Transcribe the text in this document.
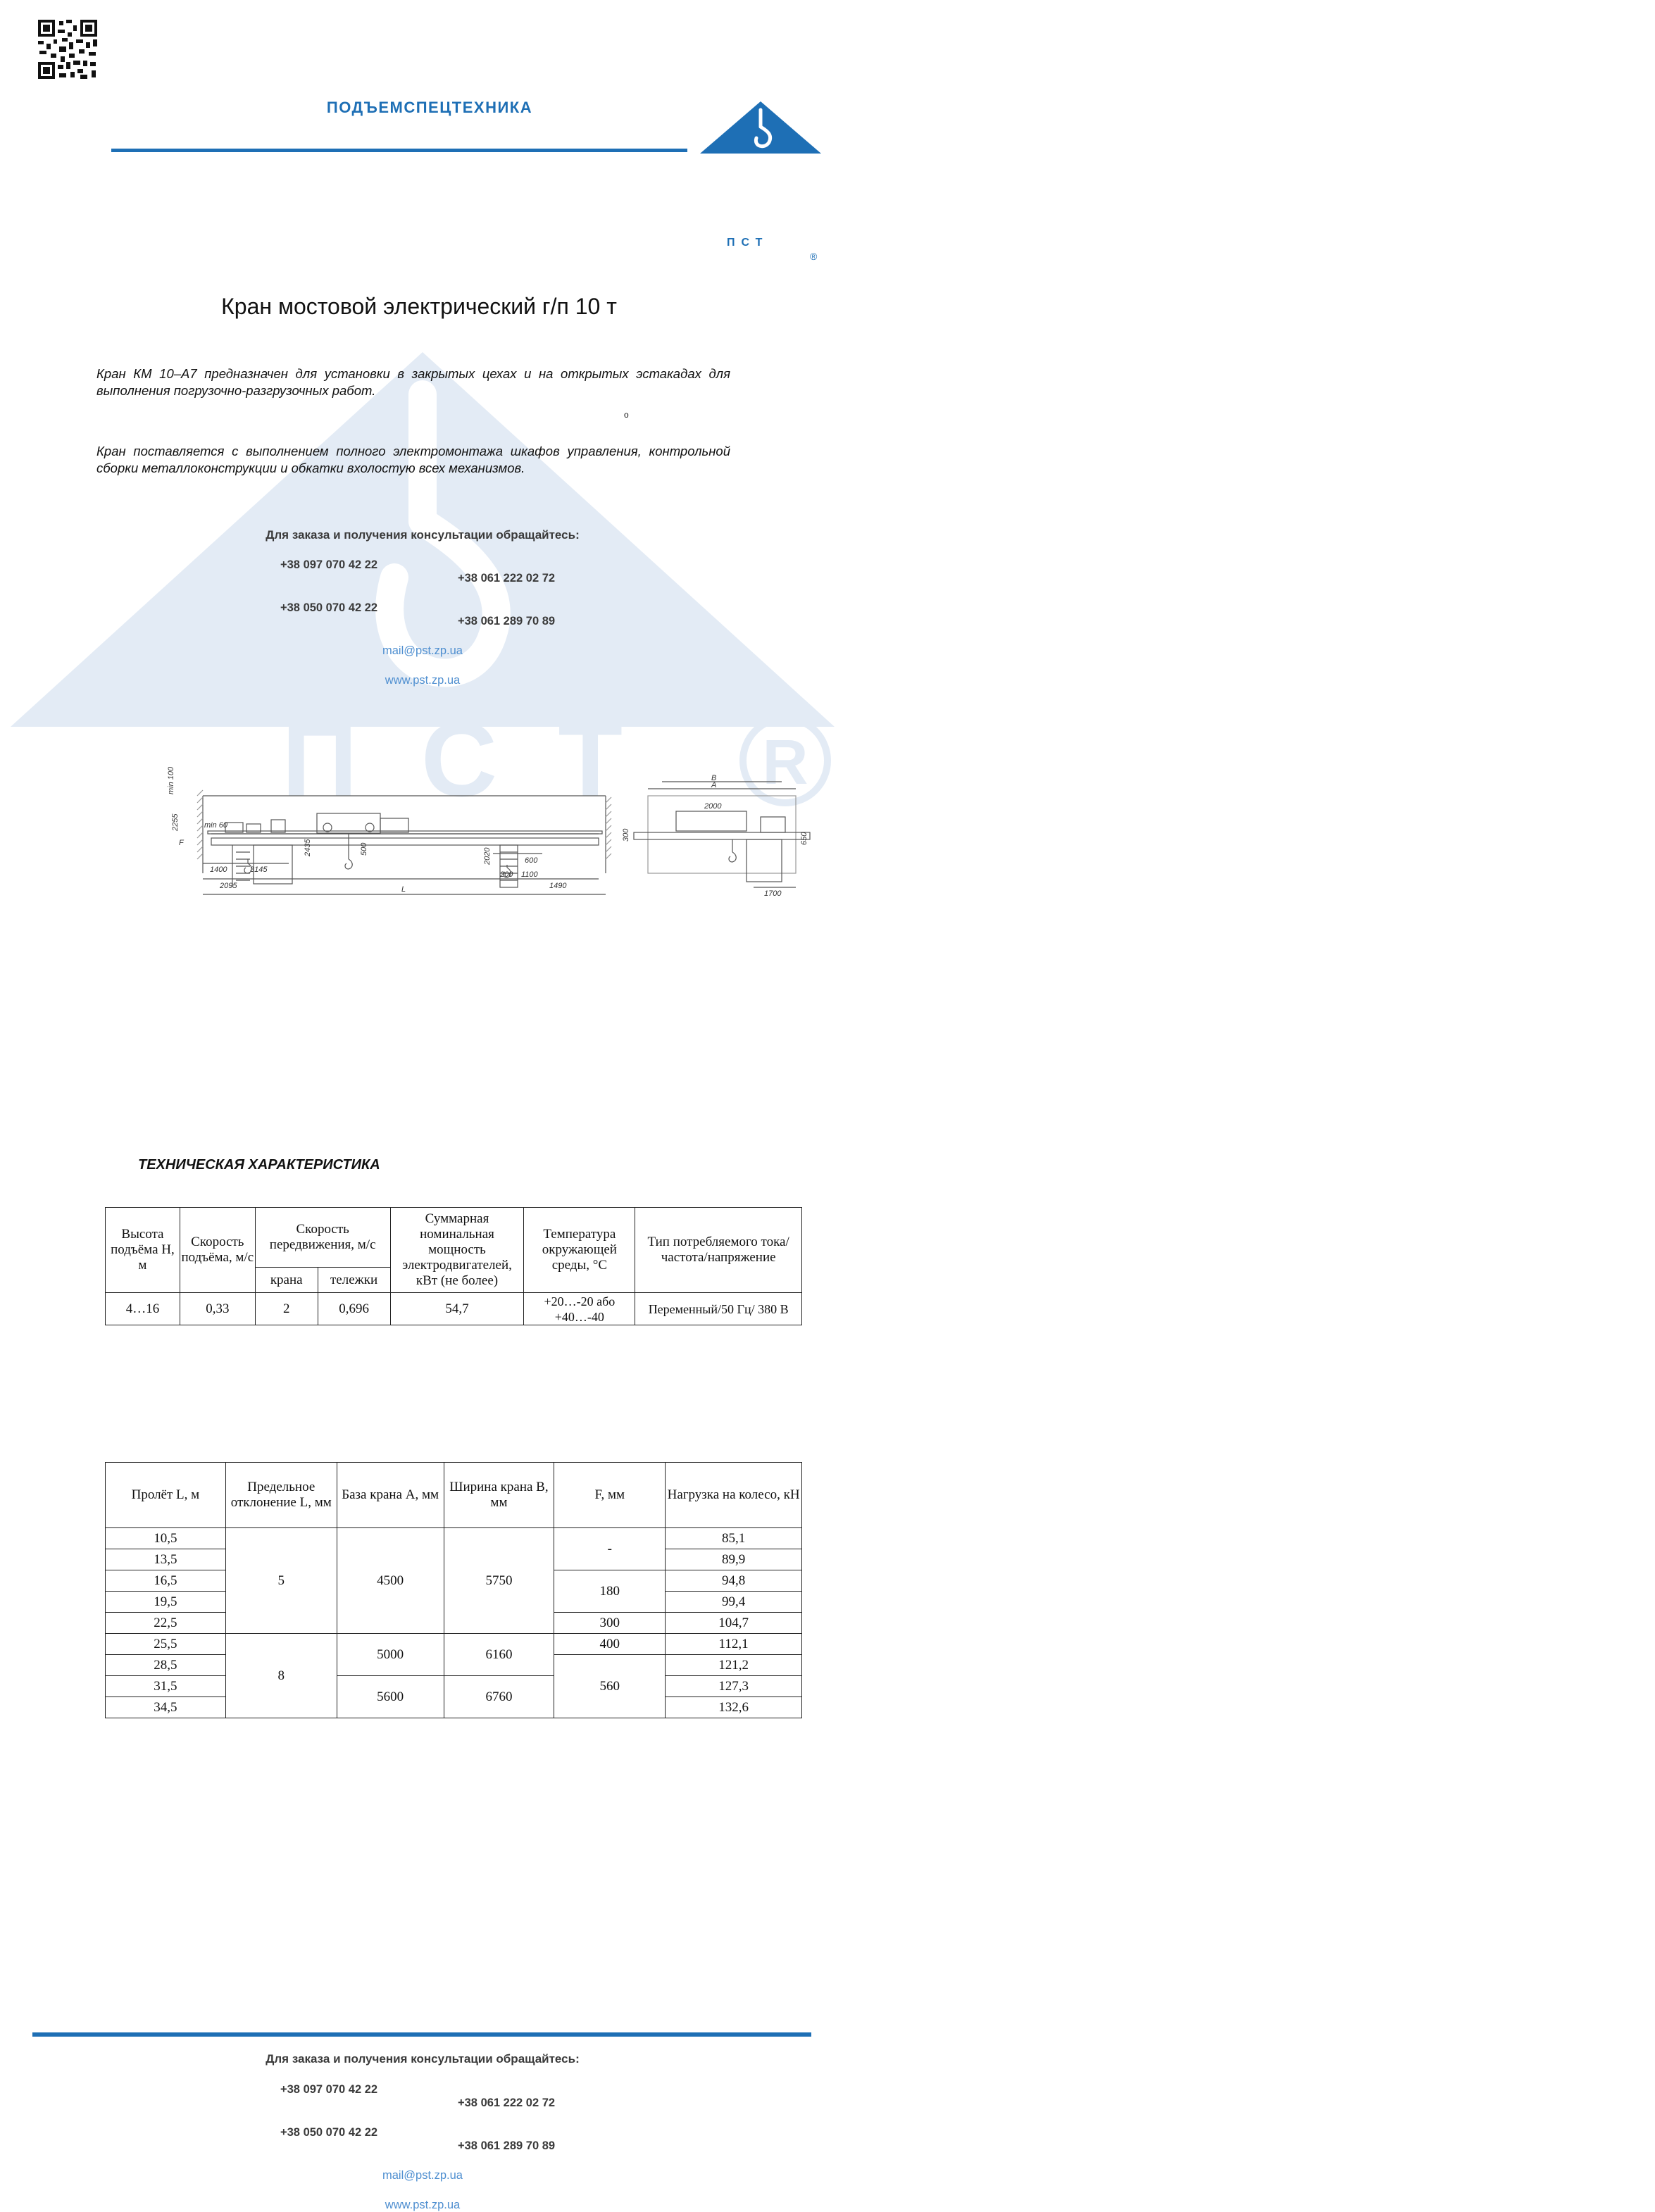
ПСТ R
ПОДЪЕМСПЕЦТЕХНИКА
ПСТ
®
Кран мостовой электрический г/п 10 т
Кран КМ 10–А7 предназначен для установки в закрытых цехах и на открытых эстакадах для выполнения погрузочно-разгрузочных работ.
o
Кран поставляется с выполнением полного электромонтажа шкафов управления, контрольной сборки металлоконструкции и обкатки вхолостую всех механизмов.
Для заказа и получения консультации обращайтесь:
+38 097 070 42 22
+38 061 222 02 72
+38 050 070 42 22
+38 061 289 70 89
mail@pst.zp.ua
www.pst.zp.ua
min 100
2255	min 60
F
1400	3145
2095
2435	500
L
2020	600
200 1100
1490
B
A
2000
300	650
1700
ТЕХНИЧЕСКАЯ ХАРАКТЕРИСТИКА
Высота подъёма Н, м	Скорость подъёма, м/с	Скорость передвижения, м/с		Суммарная номинальная мощность электродвигателей, кВт (не более)	Температура окружающей среды, °С	Тип потребляемого тока/частота/напряжение
		крана	тележки			
4…16	0,33	2	0,696	54,7	+20…-20 або +40…-40	Переменный/50 Гц/ 380 В
Пролёт L, м	Предельное отклонение L, мм	База крана А, мм	Ширина крана В, мм	F, мм	Нагрузка на колесо, кН
10,5	5	4500	5750	-	85,1
13,5					89,9
16,5				180	94,8
19,5					99,4
22,5				300	104,7
25,5	8	5000	6160	400	112,1
28,5				560	121,2
31,5		5600	6760		127,3
34,5					132,6
Для заказа и получения консультации обращайтесь:
+38 097 070 42 22
+38 061 222 02 72
+38 050 070 42 22
+38 061 289 70 89
mail@pst.zp.ua
www.pst.zp.ua
